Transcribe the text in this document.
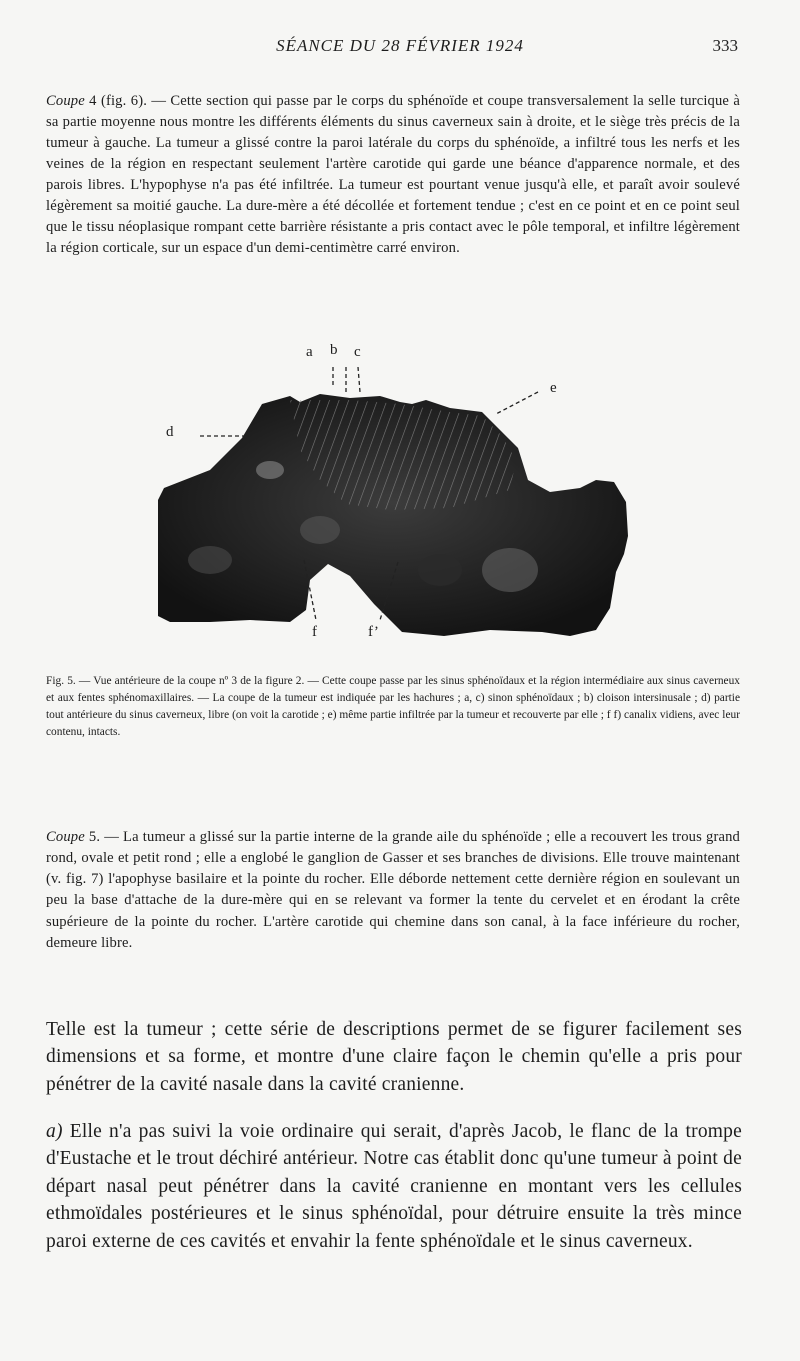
SÉANCE DU 28 FÉVRIER 1924	333

Coupe 4 (fig. 6). — Cette section qui passe par le corps du sphénoïde et coupe transversalement la selle turcique à sa partie moyenne nous montre les différents éléments du sinus caverneux sain à droite, et le siège très précis de la tumeur à gauche. La tumeur a glissé contre la paroi latérale du corps du sphénoïde, a infiltré tous les nerfs et les veines de la région en respectant seulement l'artère carotide qui garde une béance d'apparence normale, et des parois libres. L'hypophyse n'a pas été infiltrée. La tumeur est pourtant venue jusqu'à elle, et paraît avoir soulevé légèrement sa moitié gauche. La dure-mère a été décollée et fortement tendue ; c'est en ce point et en ce point seul que le tissu néoplasique rompant cette barrière résistante a pris contact avec le pôle temporal, et infiltre légèrement la région corticale, sur un espace d'un demi-centimètre carré environ.

a b c
e
d
f	f’

Fig. 5. — Vue antérieure de la coupe nº 3 de la figure 2. — Cette coupe passe par les sinus sphénoïdaux et la région intermédiaire aux sinus caverneux et aux fentes sphénomaxillaires. — La coupe de la tumeur est indiquée par les hachures ; a, c) sinon sphénoïdaux ; b) cloison intersinusale ; d) partie tout antérieure du sinus caverneux, libre (on voit la carotide ; e) même partie infiltrée par la tumeur et recouverte par elle ; f f) canalix vidiens, avec leur contenu, intacts.

Coupe 5. — La tumeur a glissé sur la partie interne de la grande aile du sphénoïde ; elle a recouvert les trous grand rond, ovale et petit rond ; elle a englobé le ganglion de Gasser et ses branches de divisions. Elle trouve maintenant (v. fig. 7) l'apophyse basilaire et la pointe du rocher. Elle déborde nettement cette dernière région en soulevant un peu la base d'attache de la dure-mère qui en se relevant va former la tente du cervelet et en érodant la crête supérieure de la pointe du rocher. L'artère carotide qui chemine dans son canal, à la face inférieure du rocher, demeure libre.

Telle est la tumeur ; cette série de descriptions permet de se figurer facilement ses dimensions et sa forme, et montre d'une claire façon le chemin qu'elle a pris pour pénétrer de la cavité nasale dans la cavité cranienne.

a) Elle n'a pas suivi la voie ordinaire qui serait, d'après Jacob, le flanc de la trompe d'Eustache et le trout déchiré antérieur. Notre cas établit donc qu'une tumeur à point de départ nasal peut pénétrer dans la cavité cranienne en montant vers les cellules ethmoïdales postérieures et le sinus sphénoïdal, pour détruire ensuite la très mince paroi externe de ces cavités et envahir la fente sphénoïdale et le sinus caverneux.
